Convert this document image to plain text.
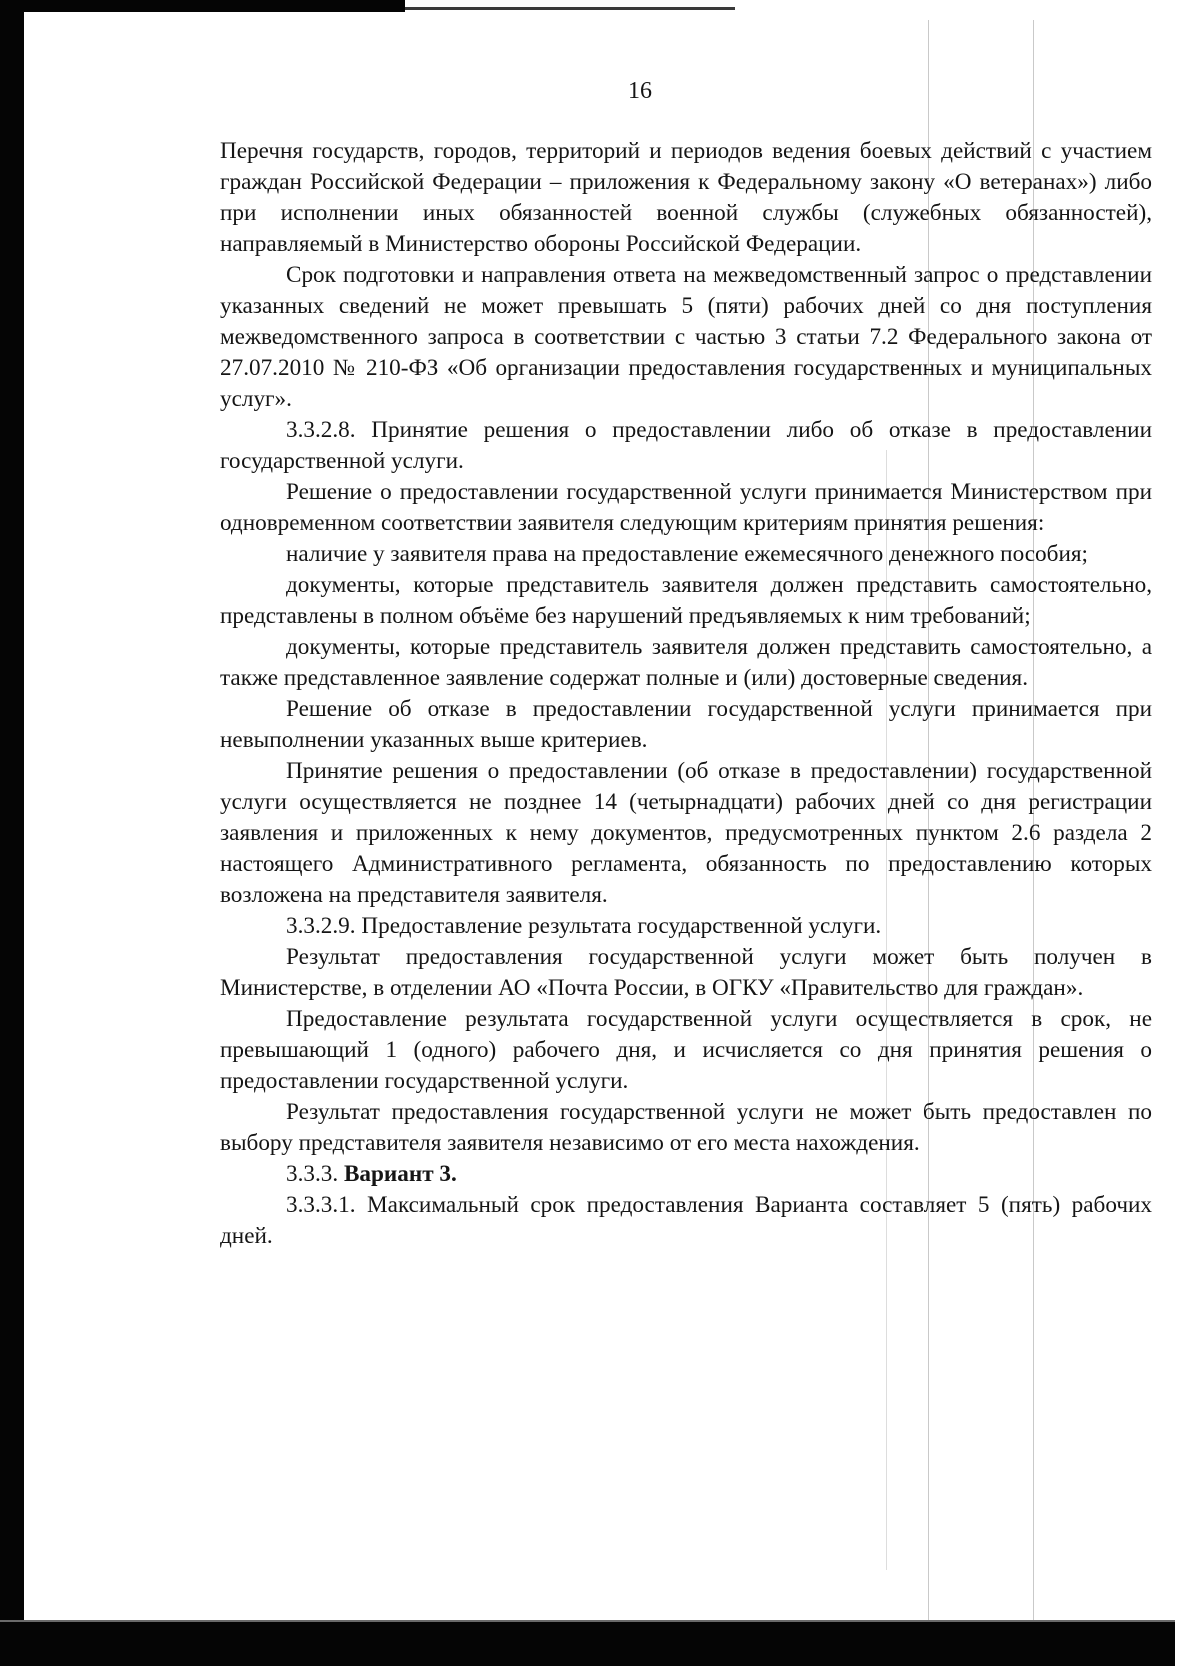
16

Перечня государств, городов, территорий и периодов ведения боевых действий с участием граждан Российской Федерации – приложения к Федеральному закону «О ветеранах») либо при исполнении иных обязанностей военной службы (служебных обязанностей), направляемый в Министерство обороны Российской Федерации.

Срок подготовки и направления ответа на межведомственный запрос о представлении указанных сведений не может превышать 5 (пяти) рабочих дней со дня поступления межведомственного запроса в соответствии с частью 3 статьи 7.2 Федерального закона от 27.07.2010 № 210-ФЗ «Об организации предоставления государственных и муниципальных услуг».

3.3.2.8. Принятие решения о предоставлении либо об отказе в предоставлении государственной услуги.

Решение о предоставлении государственной услуги принимается Министерством при одновременном соответствии заявителя следующим критериям принятия решения:

наличие у заявителя права на предоставление ежемесячного денежного пособия;

документы, которые представитель заявителя должен представить самостоятельно, представлены в полном объёме без нарушений предъявляемых к ним требований;

документы, которые представитель заявителя должен представить самостоятельно, а также представленное заявление содержат полные и (или) достоверные сведения.

Решение об отказе в предоставлении государственной услуги принимается при невыполнении указанных выше критериев.

Принятие решения о предоставлении (об отказе в предоставлении) государственной услуги осуществляется не позднее 14 (четырнадцати) рабочих дней со дня регистрации заявления и приложенных к нему документов, предусмотренных пунктом 2.6 раздела 2 настоящего Административного регламента, обязанность по предоставлению которых возложена на представителя заявителя.

3.3.2.9. Предоставление результата государственной услуги.

Результат предоставления государственной услуги может быть получен в Министерстве, в отделении АО «Почта России, в ОГКУ «Правительство для граждан».

Предоставление результата государственной услуги осуществляется в срок, не превышающий 1 (одного) рабочего дня, и исчисляется со дня принятия решения о предоставлении государственной услуги.

Результат предоставления государственной услуги не может быть предоставлен по выбору представителя заявителя независимо от его места нахождения.

3.3.3. Вариант 3.

3.3.3.1. Максимальный срок предоставления Варианта составляет 5 (пять) рабочих дней.
